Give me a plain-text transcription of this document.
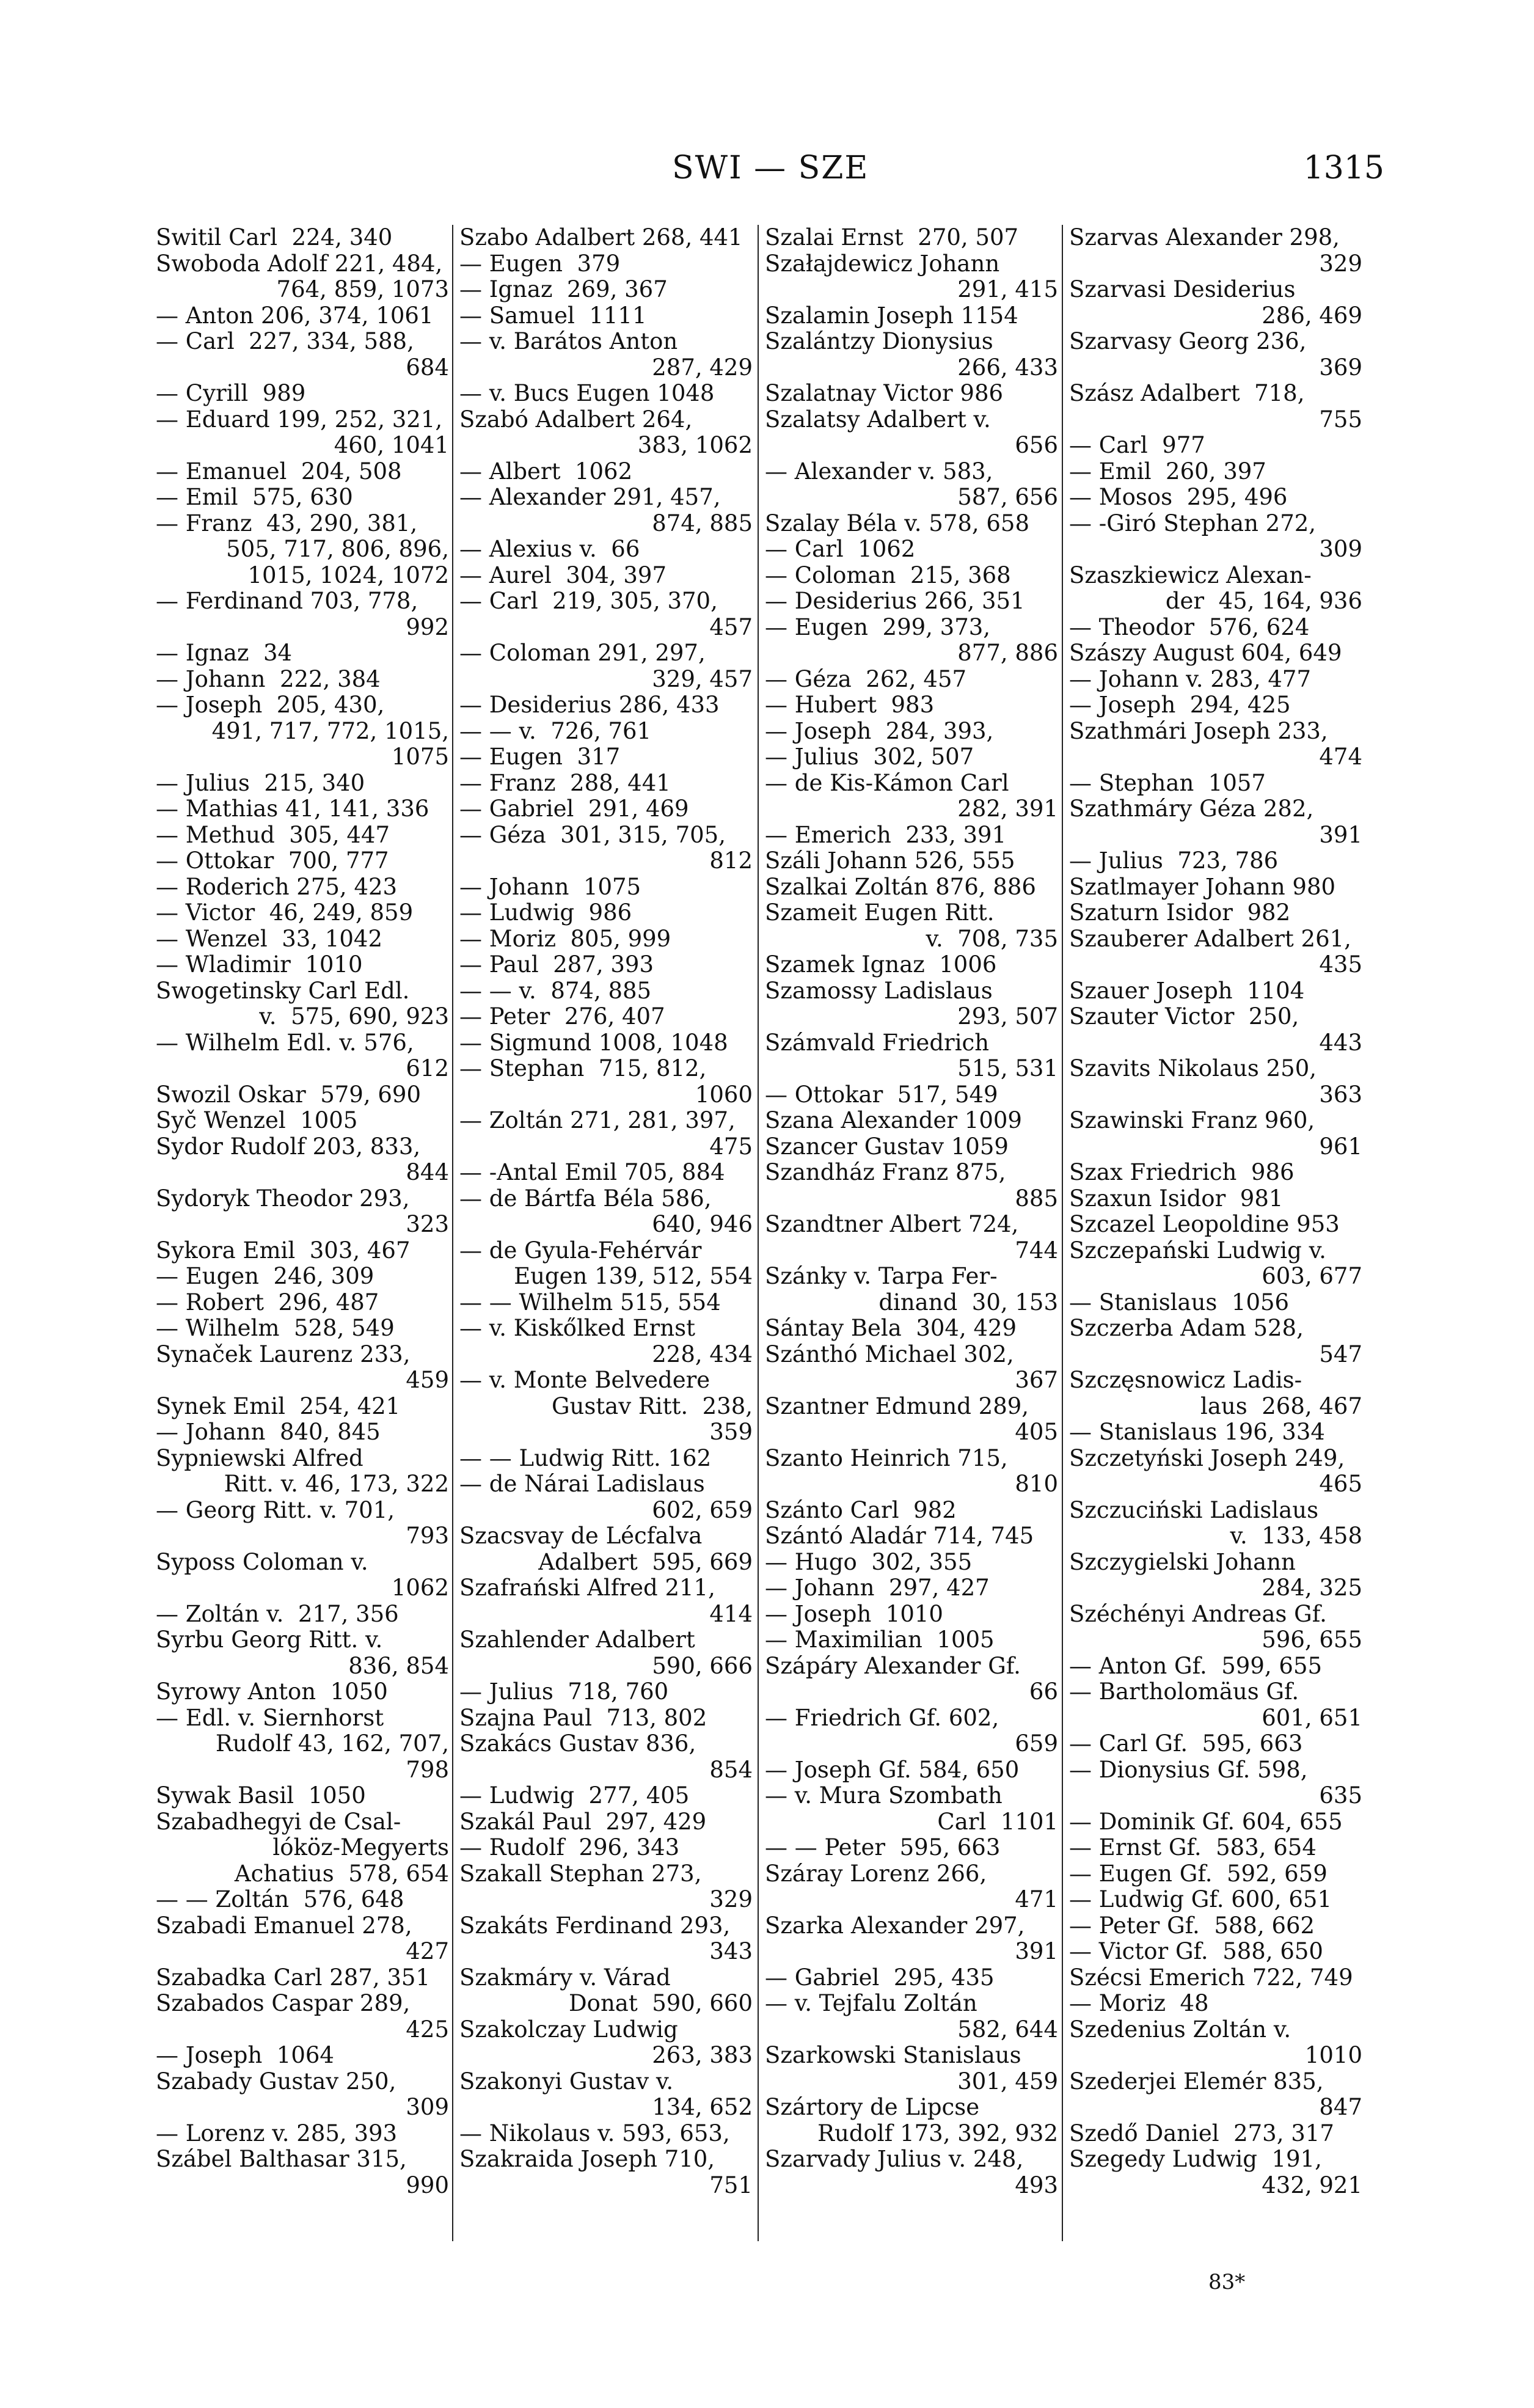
SWI — SZE	1315
Switil Carl  224, 340
Swoboda Adolf 221, 484,
764, 859, 1073
— Anton 206, 374, 1061
— Carl  227, 334, 588,
684
— Cyrill  989
— Eduard 199, 252, 321,
460, 1041
— Emanuel  204, 508
— Emil  575, 630
— Franz  43, 290, 381,
505, 717, 806, 896,
1015, 1024, 1072
— Ferdinand 703, 778,
992
— Ignaz  34
— Johann  222, 384
— Joseph  205, 430,
491, 717, 772, 1015,
1075
— Julius  215, 340
— Mathias 41, 141, 336
— Methud  305, 447
— Ottokar  700, 777
— Roderich 275, 423
— Victor  46, 249, 859
— Wenzel  33, 1042
— Wladimir  1010
Swogetinsky Carl Edl.
v.  575, 690, 923
— Wilhelm Edl. v. 576,
612
Swozil Oskar  579, 690
Syč Wenzel  1005
Sydor Rudolf 203, 833,
844
Sydoryk Theodor 293,
323
Sykora Emil  303, 467
— Eugen  246, 309
— Robert  296, 487
— Wilhelm  528, 549
Synaček Laurenz 233,
459
Synek Emil  254, 421
— Johann  840, 845
Sypniewski Alfred
Ritt. v. 46, 173, 322
— Georg Ritt. v. 701,
793
Syposs Coloman v.
1062
— Zoltán v.  217, 356
Syrbu Georg Ritt. v.
836, 854
Syrowy Anton  1050
— Edl. v. Siernhorst
Rudolf 43, 162, 707,
798
Sywak Basil  1050
Szabadhegyi de Csal-
lóköz-Megyerts
Achatius  578, 654
— — Zoltán  576, 648
Szabadi Emanuel 278,
427
Szabadka Carl 287, 351
Szabados Caspar 289,
425
— Joseph  1064
Szabady Gustav 250,
309
— Lorenz v. 285, 393
Szábel Balthasar 315,
990
Szabo Adalbert 268, 441
— Eugen  379
— Ignaz  269, 367
— Samuel  1111
— v. Barátos Anton
287, 429
— v. Bucs Eugen 1048
Szabó Adalbert 264,
383, 1062
— Albert  1062
— Alexander 291, 457,
874, 885
— Alexius v.  66
— Aurel  304, 397
— Carl  219, 305, 370,
457
— Coloman 291, 297,
329, 457
— Desiderius 286, 433
— — v.  726, 761
— Eugen  317
— Franz  288, 441
— Gabriel  291, 469
— Géza  301, 315, 705,
812
— Johann  1075
— Ludwig  986
— Moriz  805, 999
— Paul  287, 393
— — v.  874, 885
— Peter  276, 407
— Sigmund 1008, 1048
— Stephan  715, 812,
1060
— Zoltán 271, 281, 397,
475
— -Antal Emil 705, 884
— de Bártfa Béla 586,
640, 946
— de Gyula-Fehérvár
Eugen 139, 512, 554
— — Wilhelm 515, 554
— v. Kiskőlked Ernst
228, 434
— v. Monte Belvedere
Gustav Ritt.  238,
359
— — Ludwig Ritt. 162
— de Nárai Ladislaus
602, 659
Szacsvay de Lécfalva
Adalbert  595, 669
Szafrański Alfred 211,
414
Szahlender Adalbert
590, 666
— Julius  718, 760
Szajna Paul  713, 802
Szakács Gustav 836,
854
— Ludwig  277, 405
Szakál Paul  297, 429
— Rudolf  296, 343
Szakall Stephan 273,
329
Szakáts Ferdinand 293,
343
Szakmáry v. Várad
Donat  590, 660
Szakolczay Ludwig
263, 383
Szakonyi Gustav v.
134, 652
— Nikolaus v. 593, 653,
Szakraida Joseph 710,
751
Szalai Ernst  270, 507
Szałajdewicz Johann
291, 415
Szalamin Joseph 1154
Szalántzy Dionysius
266, 433
Szalatnay Victor 986
Szalatsy Adalbert v.
656
— Alexander v. 583,
587, 656
Szalay Béla v. 578, 658
— Carl  1062
— Coloman  215, 368
— Desiderius 266, 351
— Eugen  299, 373,
877, 886
— Géza  262, 457
— Hubert  983
— Joseph  284, 393,
— Julius  302, 507
— de Kis-Kámon Carl
282, 391
— Emerich  233, 391
Száli Johann 526, 555
Szalkai Zoltán 876, 886
Szameit Eugen Ritt.
v.  708, 735
Szamek Ignaz  1006
Szamossy Ladislaus
293, 507
Számvald Friedrich
515, 531
— Ottokar  517, 549
Szana Alexander 1009
Szancer Gustav 1059
Szandház Franz 875,
885
Szandtner Albert 724,
744
Szánky v. Tarpa Fer-
dinand  30, 153
Sántay Bela  304, 429
Szánthó Michael 302,
367
Szantner Edmund 289,
405
Szanto Heinrich 715,
810
Szánto Carl  982
Szántó Aladár 714, 745
— Hugo  302, 355
— Johann  297, 427
— Joseph  1010
— Maximilian  1005
Szápáry Alexander Gf.
66
— Friedrich Gf. 602,
659
— Joseph Gf. 584, 650
— v. Mura Szombath
Carl  1101
— — Peter  595, 663
Száray Lorenz 266,
471
Szarka Alexander 297,
391
— Gabriel  295, 435
— v. Tejfalu Zoltán
582, 644
Szarkowski Stanislaus
301, 459
Szártory de Lipcse
Rudolf 173, 392, 932
Szarvady Julius v. 248,
493
Szarvas Alexander 298,
329
Szarvasi Desiderius
286, 469
Szarvasy Georg 236,
369
Szász Adalbert  718,
755
— Carl  977
— Emil  260, 397
— Mosos  295, 496
— -Giró Stephan 272,
309
Szaszkiewicz Alexan-
der  45, 164, 936
— Theodor  576, 624
Szászy August 604, 649
— Johann v. 283, 477
— Joseph  294, 425
Szathmári Joseph 233,
474
— Stephan  1057
Szathmáry Géza 282,
391
— Julius  723, 786
Szatlmayer Johann 980
Szaturn Isidor  982
Szauberer Adalbert 261,
435
Szauer Joseph  1104
Szauter Victor  250,
443
Szavits Nikolaus 250,
363
Szawinski Franz 960,
961
Szax Friedrich  986
Szaxun Isidor  981
Szcazel Leopoldine 953
Szczepański Ludwig v.
603, 677
— Stanislaus  1056
Szczerba Adam 528,
547
Szczęsnowicz Ladis-
laus  268, 467
— Stanislaus 196, 334
Szczetyński Joseph 249,
465
Szczuciński Ladislaus
v.  133, 458
Szczygielski Johann
284, 325
Széchényi Andreas Gf.
596, 655
— Anton Gf.  599, 655
— Bartholomäus Gf.
601, 651
— Carl Gf.  595, 663
— Dionysius Gf. 598,
635
— Dominik Gf. 604, 655
— Ernst Gf.  583, 654
— Eugen Gf.  592, 659
— Ludwig Gf. 600, 651
— Peter Gf.  588, 662
— Victor Gf.  588, 650
Szécsi Emerich 722, 749
— Moriz  48
Szedenius Zoltán v.
1010
Szederjei Elemér 835,
847
Szedő Daniel  273, 317
Szegedy Ludwig  191,
432, 921
83*
